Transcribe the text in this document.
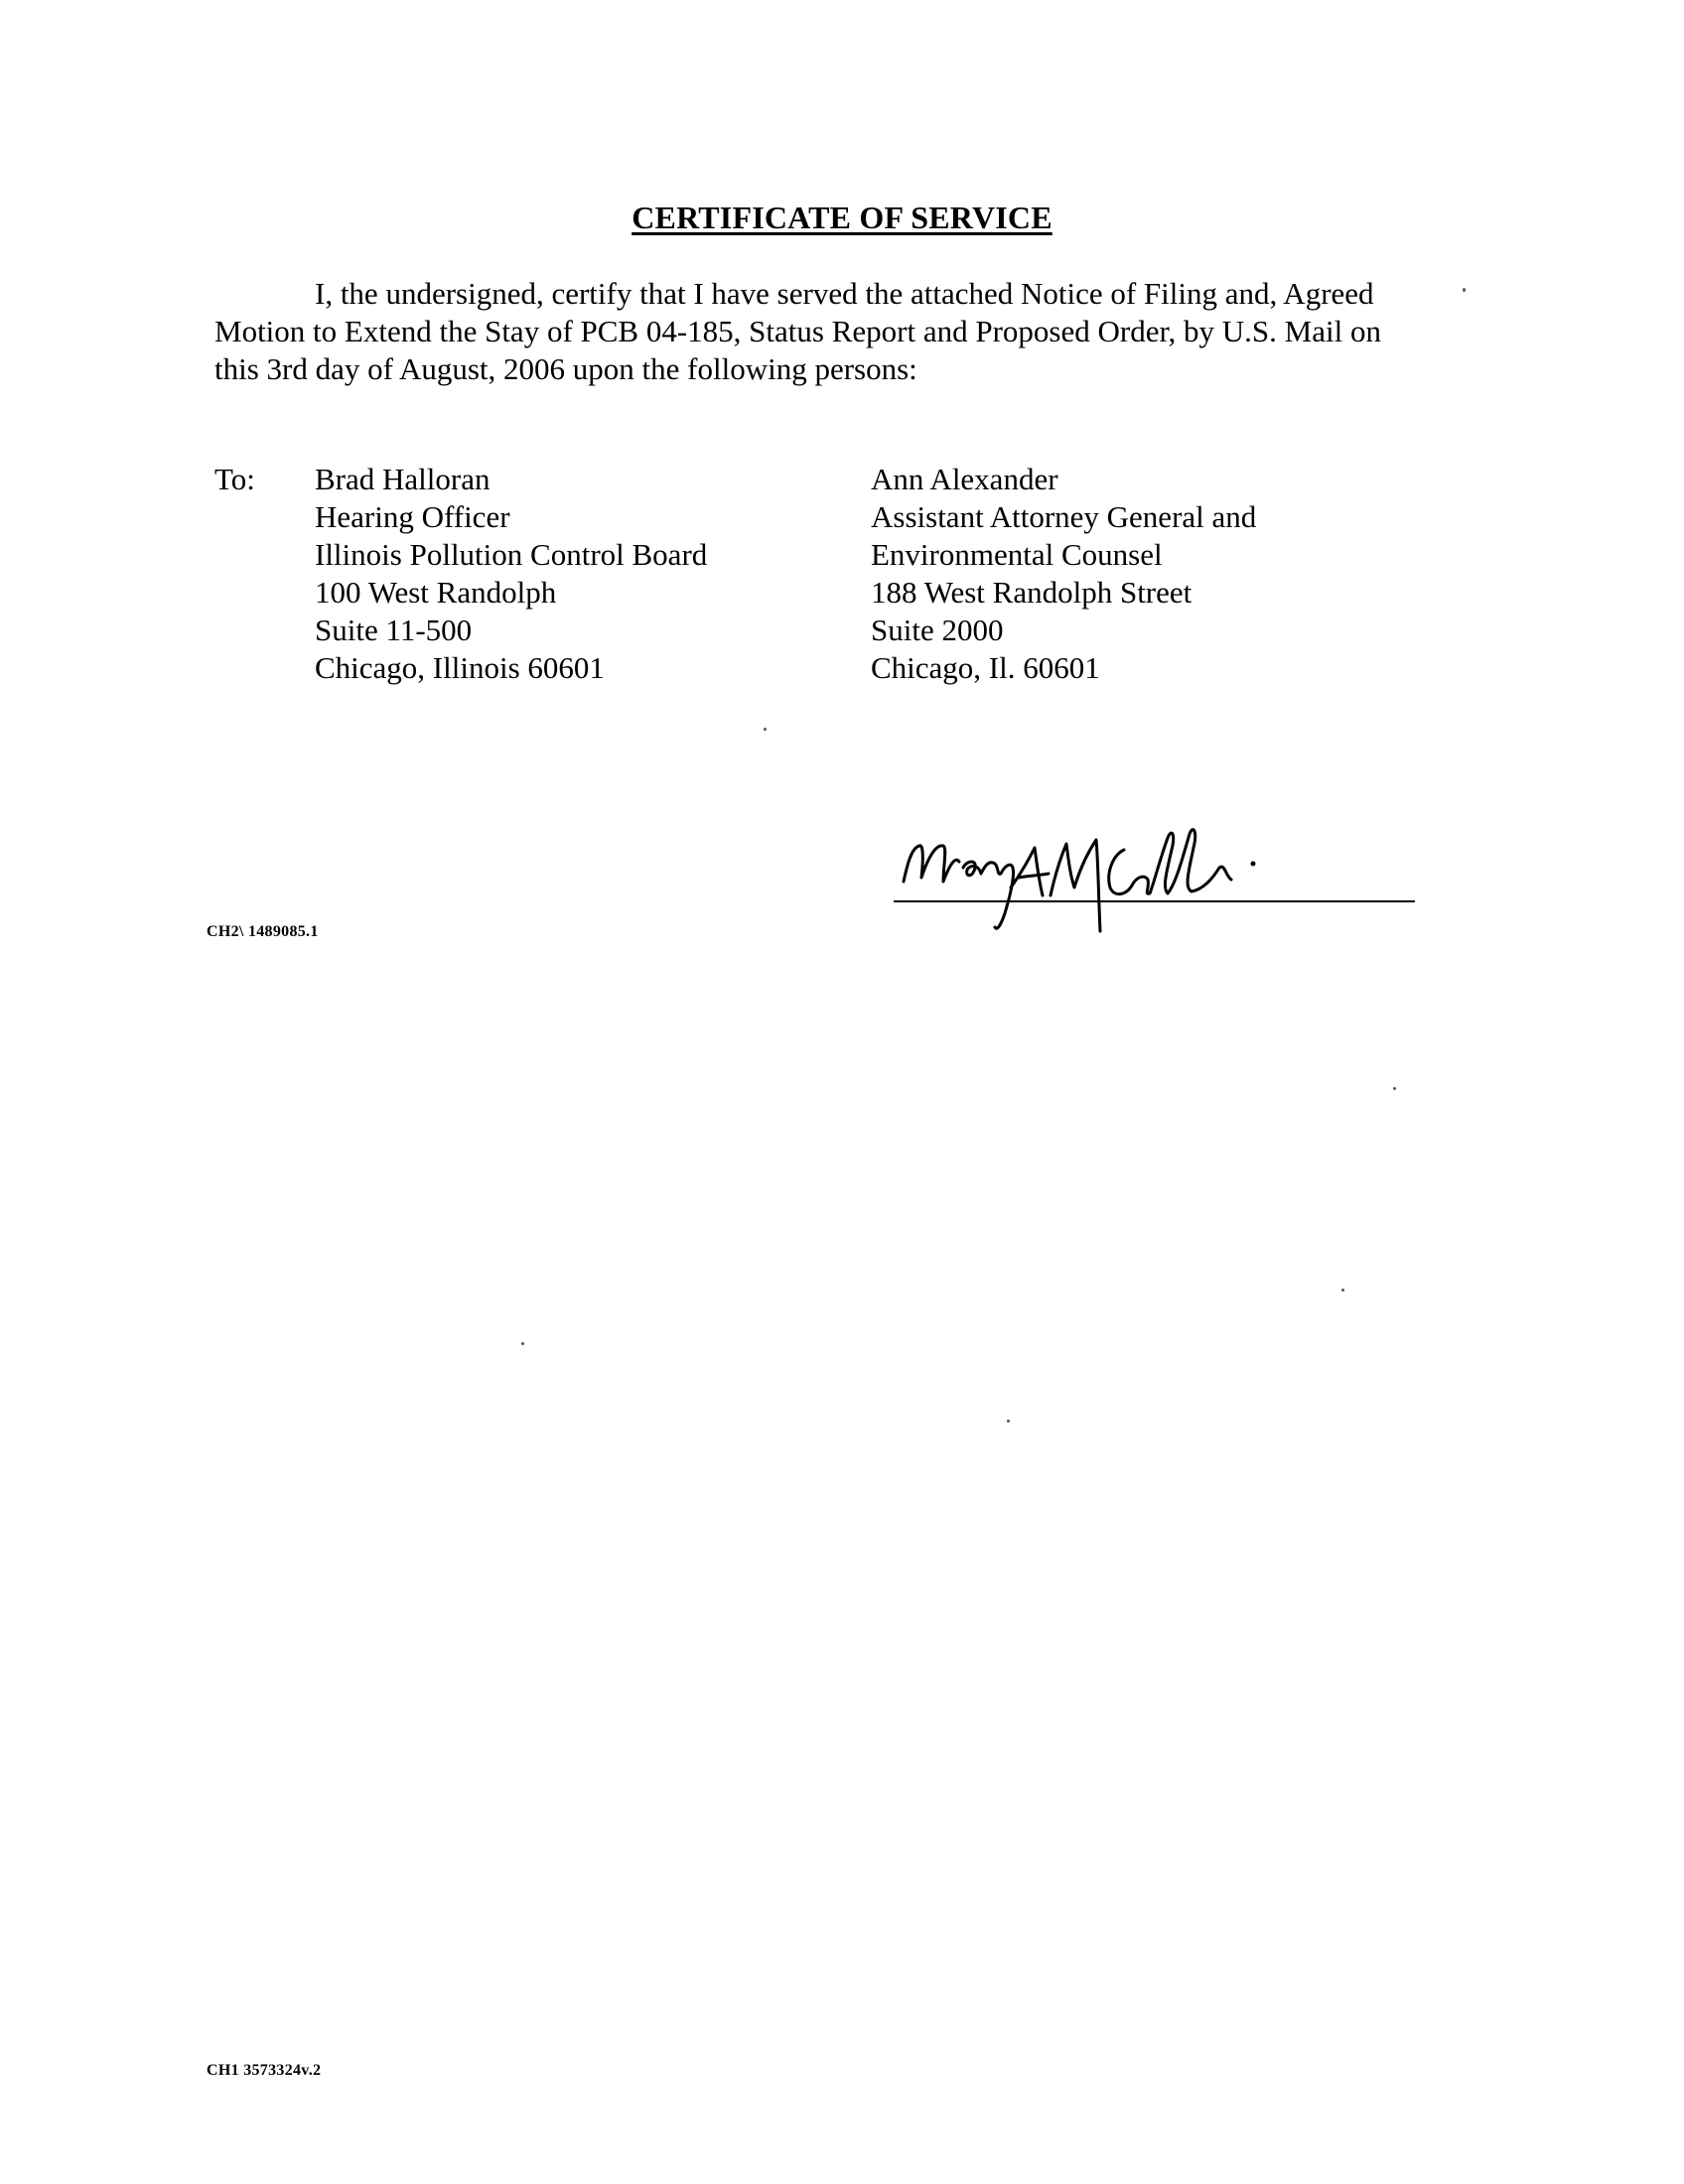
CERTIFICATE OF SERVICE
I, the undersigned, certify that I have served the attached Notice of Filing and, Agreed
Motion to Extend the Stay of PCB 04-185, Status Report and Proposed Order, by U.S. Mail on
this 3rd day of August, 2006 upon the following persons:
To: Brad Halloran
Hearing Officer
Illinois Pollution Control Board
100 West Randolph
Suite 11-500
Chicago, Illinois 60601
Ann Alexander
Assistant Attorney General and
Environmental Counsel
188 West Randolph Street
Suite 2000
Chicago, Il. 60601
CH2\ 1489085.1
CH1 3573324v.2
